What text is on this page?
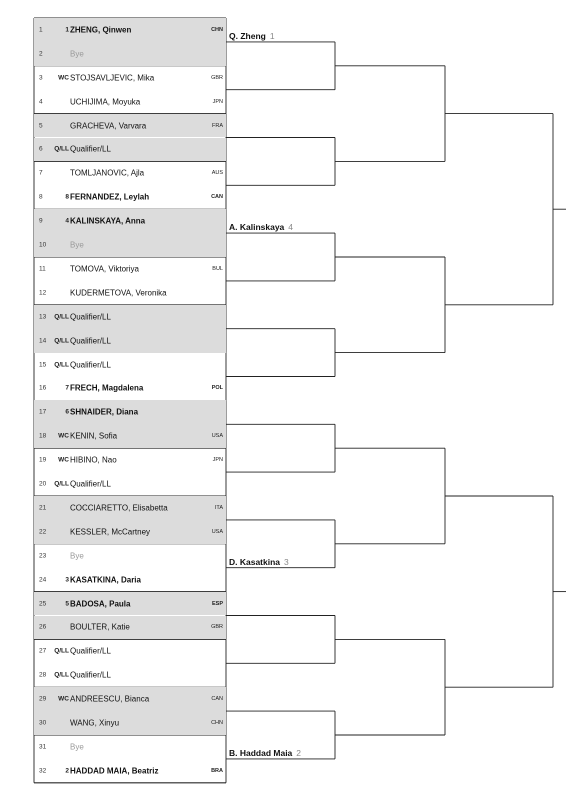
1	1 ZHENG, Qinwen	CHN
2	Bye
3	WC STOJSAVLJEVIC, Mika	GBR
4	UCHIJIMA, Moyuka	JPN
5	GRACHEVA, Varvara	FRA
6	Q/LL Qualifier/LL
7	TOMLJANOVIC, Ajla	AUS
8	8 FERNANDEZ, Leylah	CAN
9	4 KALINSKAYA, Anna
10	Bye
11	TOMOVA, Viktoriya	BUL
12	KUDERMETOVA, Veronika
13	Q/LL Qualifier/LL
14	Q/LL Qualifier/LL
15	Q/LL Qualifier/LL
16	7 FRECH, Magdalena	POL
17	6 SHNAIDER, Diana
18	WC KENIN, Sofia	USA
19	WC HIBINO, Nao	JPN
20	Q/LL Qualifier/LL
21	COCCIARETTO, Elisabetta	ITA
22	KESSLER, McCartney	USA
23	Bye
24	3 KASATKINA, Daria
25	5 BADOSA, Paula	ESP
26	BOULTER, Katie	GBR
27	Q/LL Qualifier/LL
28	Q/LL Qualifier/LL
29	WC ANDREESCU, Bianca	CAN
30	WANG, Xinyu	CHN
31	Bye
32	2 HADDAD MAIA, Beatriz	BRA
Q. Zheng 1
A. Kalinskaya 4
D. Kasatkina 3
B. Haddad Maia 2
